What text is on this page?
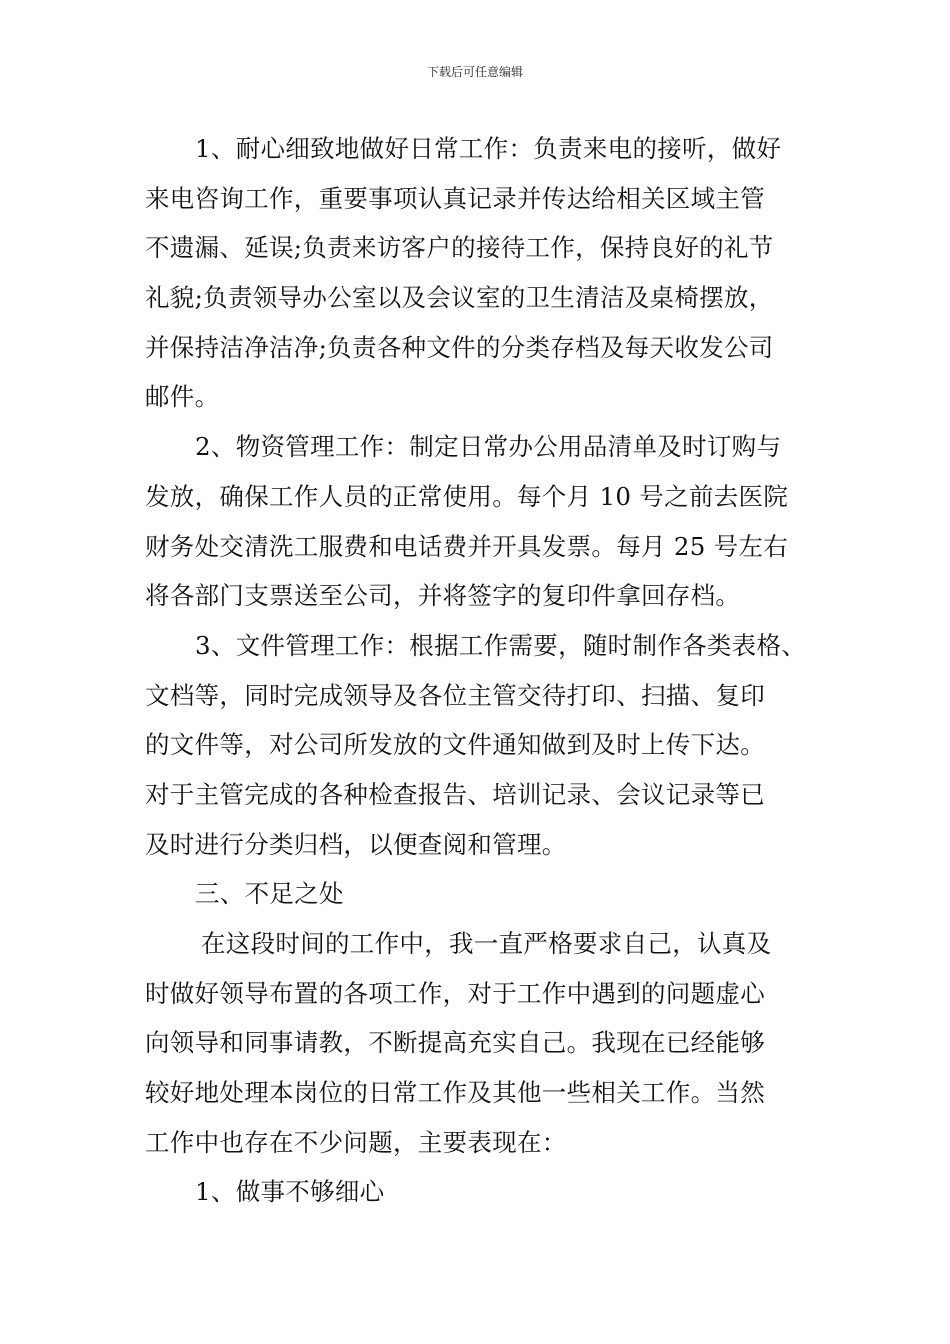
下载后可任意编辑
1、耐心细致地做好日常工作：负责来电的接听，做好
来电咨询工作，重要事项认真记录并传达给相关区域主管
不遗漏、延误;负责来访客户的接待工作，保持良好的礼节
礼貌;负责领导办公室以及会议室的卫生清洁及桌椅摆放，
并保持洁净洁净;负责各种文件的分类存档及每天收发公司
邮件。
2、物资管理工作：制定日常办公用品清单及时订购与
发放，确保工作人员的正常使用。每个月 10 号之前去医院
财务处交清洗工服费和电话费并开具发票。每月 25 号左右
将各部门支票送至公司，并将签字的复印件拿回存档。
3、文件管理工作：根据工作需要，随时制作各类表格、
文档等，同时完成领导及各位主管交待打印、扫描、复印
的文件等，对公司所发放的文件通知做到及时上传下达。
对于主管完成的各种检查报告、培训记录、会议记录等已
及时进行分类归档，以便查阅和管理。
三、不足之处
在这段时间的工作中，我一直严格要求自己，认真及
时做好领导布置的各项工作，对于工作中遇到的问题虚心
向领导和同事请教，不断提高充实自己。我现在已经能够
较好地处理本岗位的日常工作及其他一些相关工作。当然
工作中也存在不少问题，主要表现在：
1、做事不够细心
